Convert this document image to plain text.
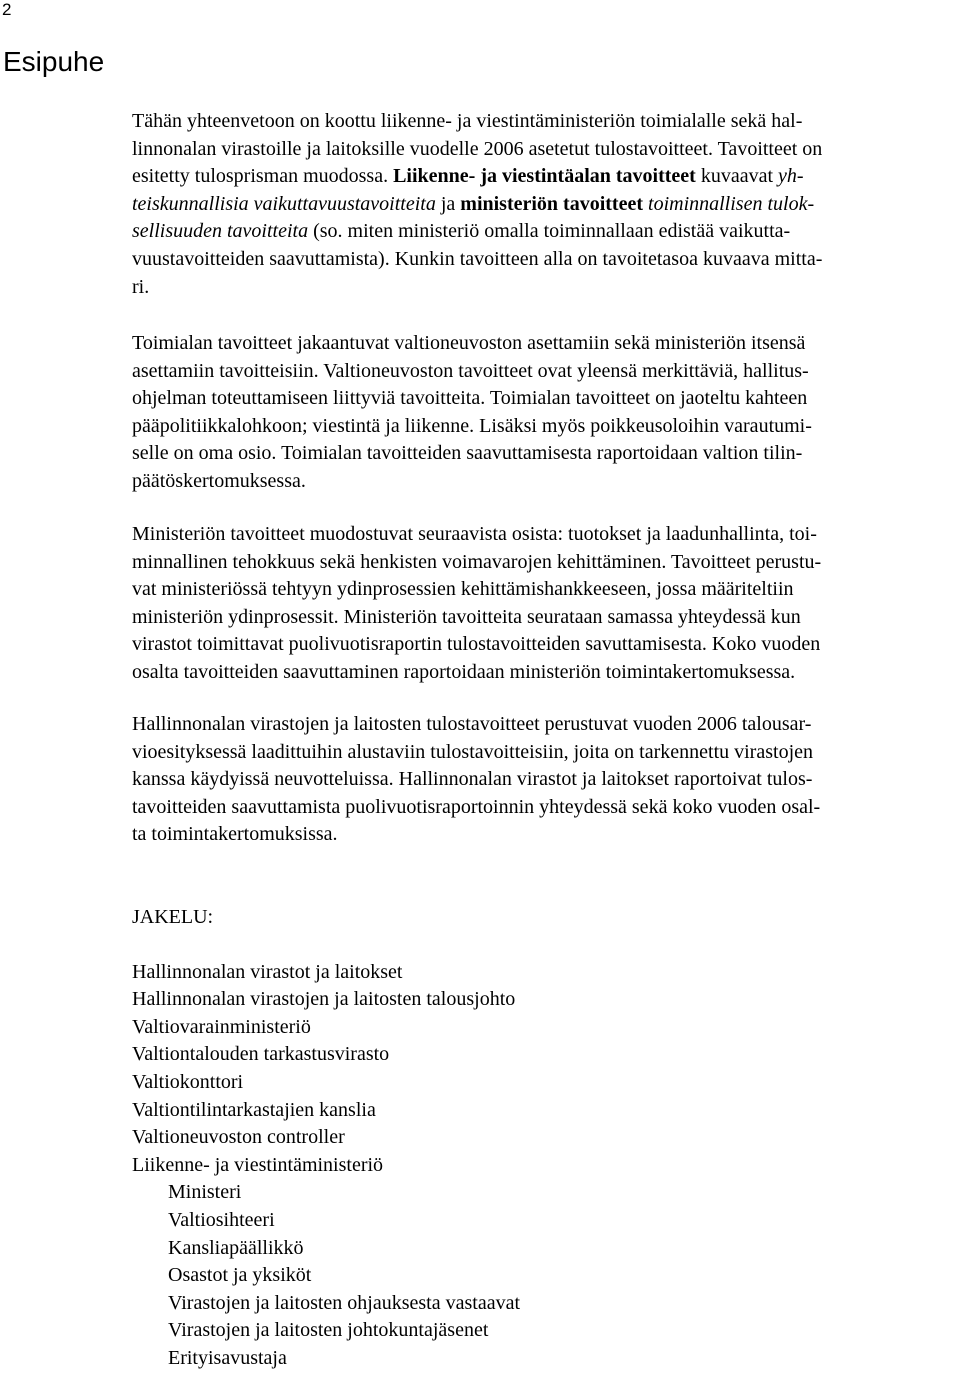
2
Esipuhe

Tähän yhteenvetoon on koottu liikenne- ja viestintäministeriön toimialalle sekä hal-
linnonalan virastoille ja laitoksille vuodelle 2006 asetetut tulostavoitteet. Tavoitteet on
esitetty tulosprisman muodossa. Liikenne- ja viestintäalan tavoitteet kuvaavat yh-
teiskunnallisia vaikuttavuustavoitteita ja ministeriön tavoitteet toiminnallisen tulok-
sellisuuden tavoitteita (so. miten ministeriö omalla toiminnallaan edistää vaikutta-
vuustavoitteiden saavuttamista). Kunkin tavoitteen alla on tavoitetasoa kuvaava mitta-
ri.

Toimialan tavoitteet jakaantuvat valtioneuvoston asettamiin sekä ministeriön itsensä
asettamiin tavoitteisiin. Valtioneuvoston tavoitteet ovat yleensä merkittäviä, hallitus-
ohjelman toteuttamiseen liittyviä tavoitteita. Toimialan tavoitteet on jaoteltu kahteen
pääpolitiikkalohkoon; viestintä ja liikenne. Lisäksi myös poikkeusoloihin varautumi-
selle on oma osio. Toimialan tavoitteiden saavuttamisesta raportoidaan valtion tilin-
päätöskertomuksessa.

Ministeriön tavoitteet muodostuvat seuraavista osista: tuotokset ja laadunhallinta, toi-
minnallinen tehokkuus sekä henkisten voimavarojen kehittäminen. Tavoitteet perustu-
vat ministeriössä tehtyyn ydinprosessien kehittämishankkeeseen, jossa määriteltiin
ministeriön ydinprosessit. Ministeriön tavoitteita seurataan samassa yhteydessä kun
virastot toimittavat puolivuotisraportin tulostavoitteiden savuttamisesta. Koko vuoden
osalta tavoitteiden saavuttaminen raportoidaan ministeriön toimintakertomuksessa.

Hallinnonalan virastojen ja laitosten tulostavoitteet perustuvat vuoden 2006 talousar-
vioesityksessä laadittuihin alustaviin tulostavoitteisiin, joita on tarkennettu virastojen
kanssa käydyissä neuvotteluissa. Hallinnonalan virastot ja laitokset raportoivat tulos-
tavoitteiden saavuttamista puolivuotisraportoinnin yhteydessä sekä koko vuoden osal-
ta toimintakertomuksissa.

JAKELU:

Hallinnonalan virastot ja laitokset
Hallinnonalan virastojen ja laitosten talousjohto
Valtiovarainministeriö
Valtiontalouden tarkastusvirasto
Valtiokonttori
Valtiontilintarkastajien kanslia
Valtioneuvoston controller
Liikenne- ja viestintäministeriö
Ministeri
Valtiosihteeri
Kansliapäällikkö
Osastot ja yksiköt
Virastojen ja laitosten ohjauksesta vastaavat
Virastojen ja laitosten johtokuntajäsenet
Erityisavustaja
